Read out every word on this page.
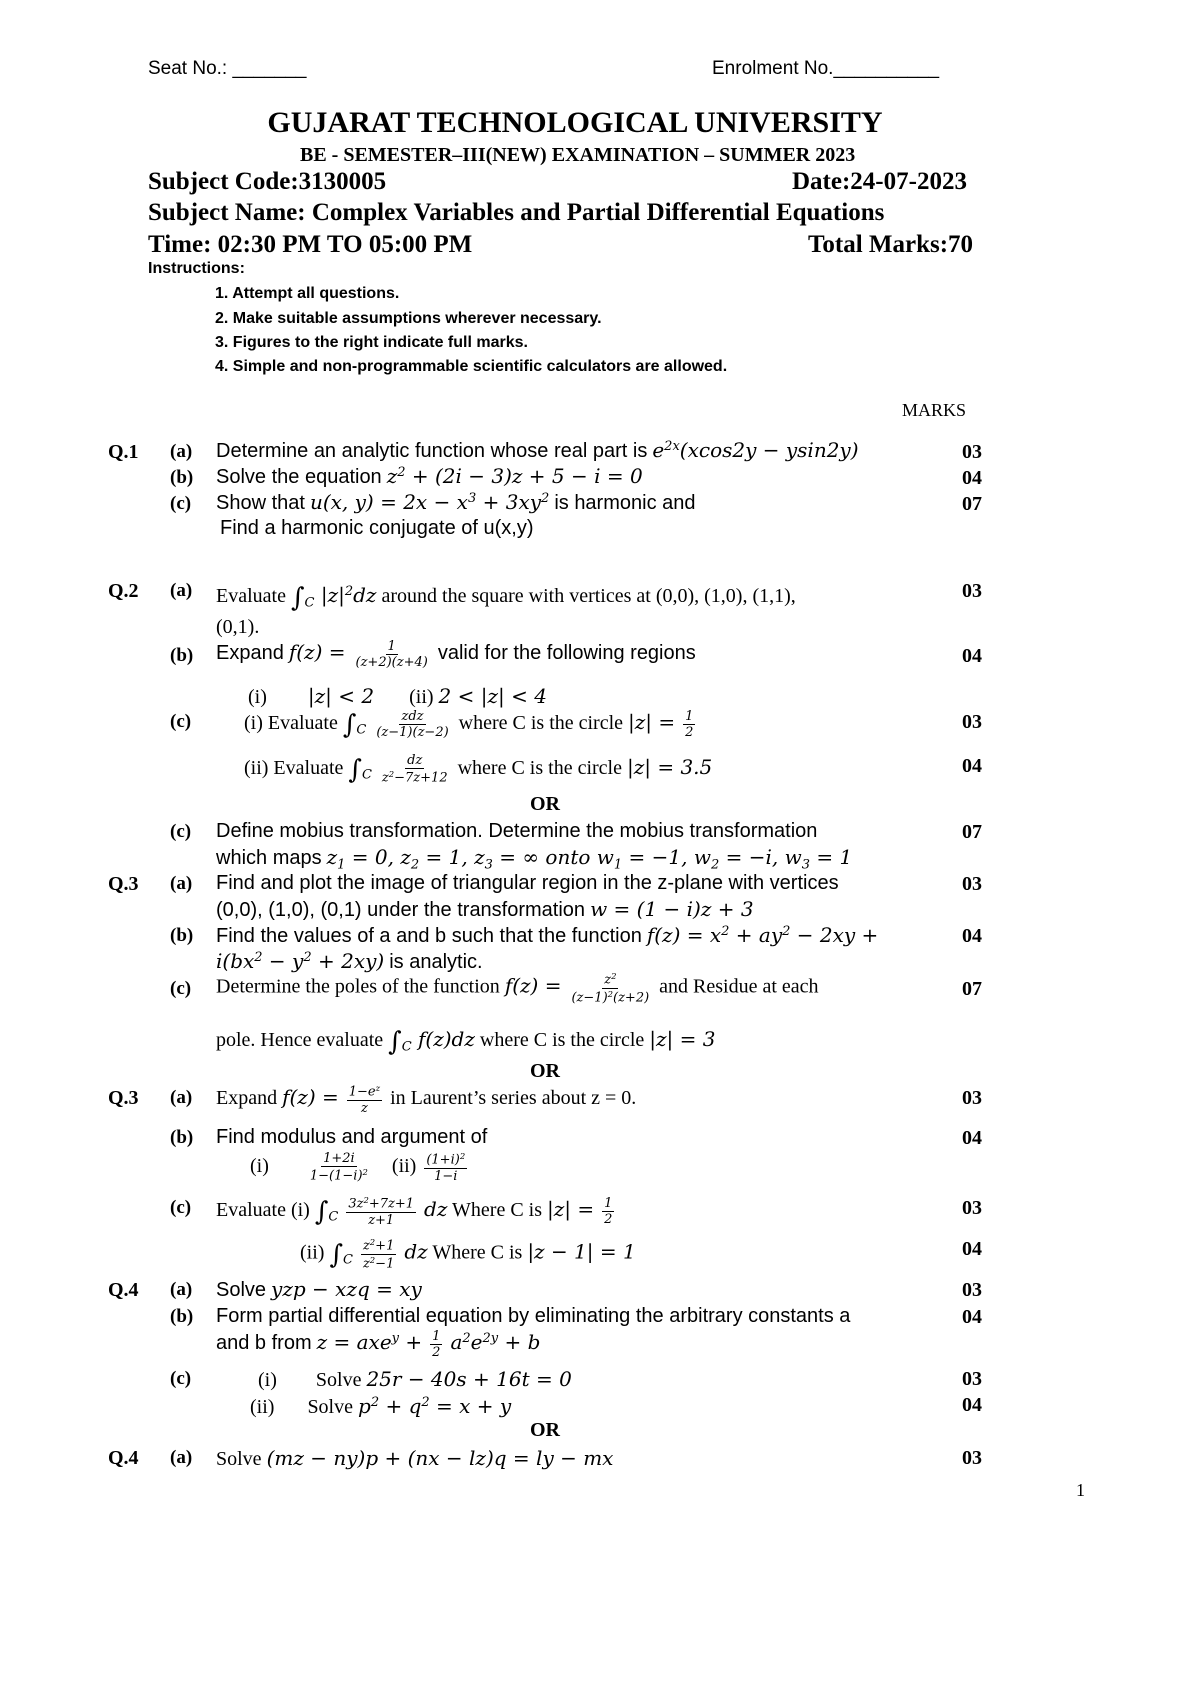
Seat No.: _______	Enrolment No.__________
GUJARAT TECHNOLOGICAL UNIVERSITY
BE - SEMESTER–III(NEW) EXAMINATION – SUMMER 2023
Subject Code:3130005	Date:24-07-2023
Subject Name: Complex Variables and Partial Differential Equations
Time: 02:30 PM TO 05:00 PM	Total Marks:70
Instructions:
1. Attempt all questions.
2. Make suitable assumptions wherever necessary.
3. Figures to the right indicate full marks.
4. Simple and non-programmable scientific calculators are allowed.
MARKS
Q.1 (a) Determine an analytic function whose real part is $e^{2x}(xcos2y - ysin2y)$	03
(b) Solve the equation $z^2 + (2i - 3)z + 5 - i = 0$	04
(c) Show that u(x, $y) = 2x - x^3 + 3xy^2$ is harmonic and	07
Find a harmonic conjugate of u(x,y)
Q.2 (a) Evaluate $\int_C$ $|z|^2dz$ around the square with vertices at (0,0), (1,0), (1,1),	03
(0,1).
(b) Expand $f(z) = \frac{1}{(z+2)(z+4)}$ valid for the following regions	04
(i) |z| < 2 (ii) 2 < |z| < 4
(c)	(i) Evaluate $\int_C \frac{\text{zdz}}{(z-1)(z-2)}$ where C is the circle $|z| = \frac{1}{2}$	03
(ii) Evaluate $\int_C \frac{dz}{z^2-7z+12}$ where C is the circle |z| = 3.5	04
OR
(c) Define mobius transformation. Determine the mobius transformation	07
which maps $z_1 = 0$, $z_2 = 1$, $z_3$ = ∞ onto $w_1 = -1$, $w_2 = -i$, $w_3 = 1$
Q.3 (a) Find and plot the image of triangular region in the z-plane with vertices	03
(0,0), (1,0), (0,1) under the transformation w = (1 − i)z + 3
(b) Find the values of a and b such that the function $f(z) = x^2 + ay^2 - 2xy$ +	04
$i(bx^2 - y^2 + 2xy)$ is analytic.
(c) Determine the poles of the function $f(z) = \frac{z^2}{(z-1)^2(z+2)}$ and Residue at each	07
pole. Hence evaluate $\int_C$ f(z)dz where C is the circle |z| = 3
OR
Q.3 (a) Expand $f(z) = \frac{1-e^z}{z}$ in Laurent’s series about z = 0.	03
(b) Find modulus and argument of	04
(i)	$\frac{1+2i}{1-(1-i)^2} (ii) \frac{(1+i)^2}{1-i}$
(c) Evaluate (i) $\int_C \frac{3z^2+7z+1}{z+1}$ dz Where C is $|z| = \frac{1}{2}$	03
(ii) $\int_C \frac{z^2+1}{z^2-1}$ dz Where C is |z − 1| = 1	04
Q.4 (a) Solve yzp − xzq = xy	03
(b) Form partial differential equation by eliminating the arbitrary constants a	04
and b from $z = axe^y + \frac{1}{2} a^2e^{2y} + b$
(c)	(i) Solve 25r − 40s + 16t = 0	03
(ii) Solve $p^2 + q^2 = x + y$	04
OR
Q.4 (a) Solve (mz − ny)p + (nx − lz)q = ly − mx	03
1
